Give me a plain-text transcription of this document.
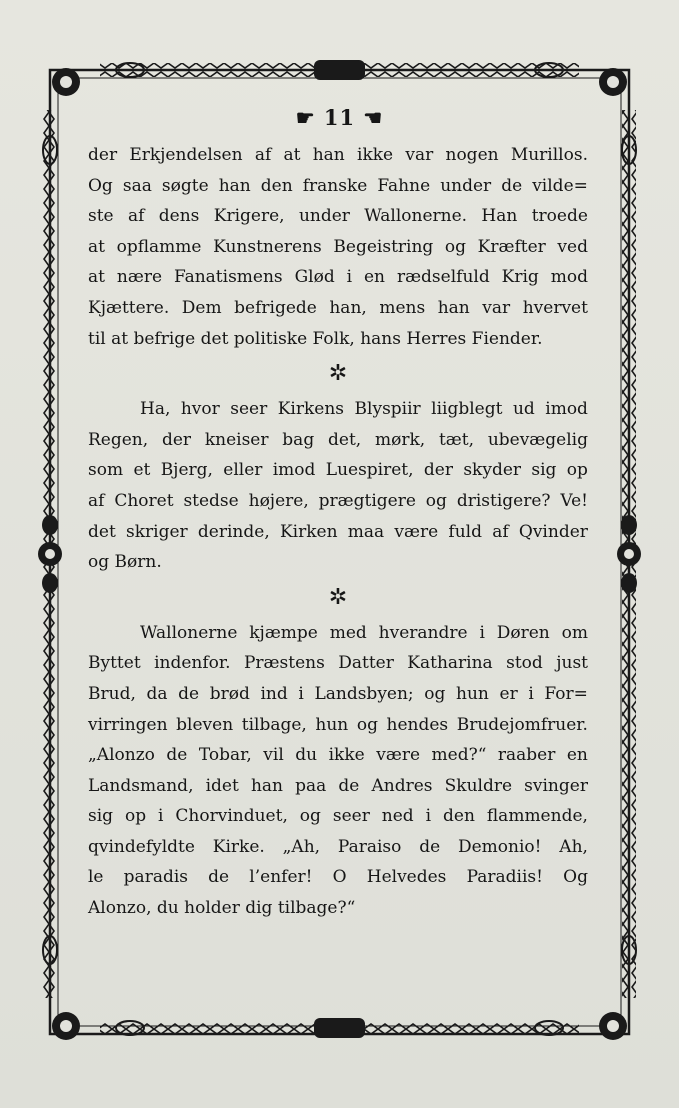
☛ 11 ☚
der Erkjendelsen af at han ikke var nogen Murillos.
Og saa søgte han den franske Fahne under de vilde=
ste af dens Krigere, under Wallonerne. Han troede
at opflamme Kunstnerens Begeistring og Kræfter ved
at nære Fanatismens Glød i en rædselfuld Krig mod
Kjættere. Dem befrigede han, mens han var hvervet
til at befrige det politiske Folk, hans Herres Fiender.
✲
Ha, hvor seer Kirkens Blyspiir liigblegt ud imod
Regen, der kneiser bag det, mørk, tæt, ubevægelig
som et Bjerg, eller imod Luespiret, der skyder sig op
af Choret stedse højere, prægtigere og dristigere? Ve!
det skriger derinde, Kirken maa være fuld af Qvinder
og Børn.
✲
Wallonerne kjæmpe med hverandre i Døren om
Byttet indenfor. Præstens Datter Katharina stod just
Brud, da de brød ind i Landsbyen; og hun er i For=
virringen bleven tilbage, hun og hendes Brudejomfruer.
„Alonzo de Tobar, vil du ikke være med?“ raaber en
Landsmand, idet han paa de Andres Skuldre svinger
sig op i Chorvinduet, og seer ned i den flammende,
qvindefyldte Kirke. „Ah, Paraiso de Demonio! Ah,
le paradis de l’enfer! O Helvedes Paradiis! Og
Alonzo, du holder dig tilbage?“
